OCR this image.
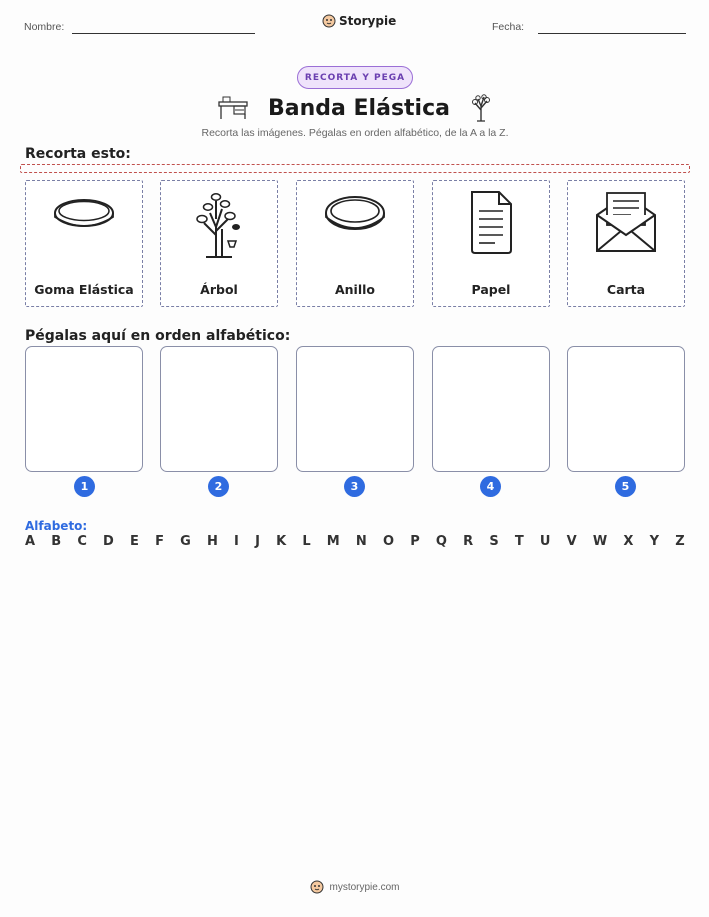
Nombre:	Storypie	Fecha:
RECORTA Y PEGA
Banda Elástica
Recorta las imágenes. Pégalas en orden alfabético, de la A a la Z.
Recorta esto:
Goma Elástica	Árbol	Anillo	Papel	Carta
Pégalas aquí en orden alfabético:
1	2	3	4	5
Alfabeto:
A B C D E F G H I J K L M N O P Q R S T U V W X Y Z
mystorypie.com
